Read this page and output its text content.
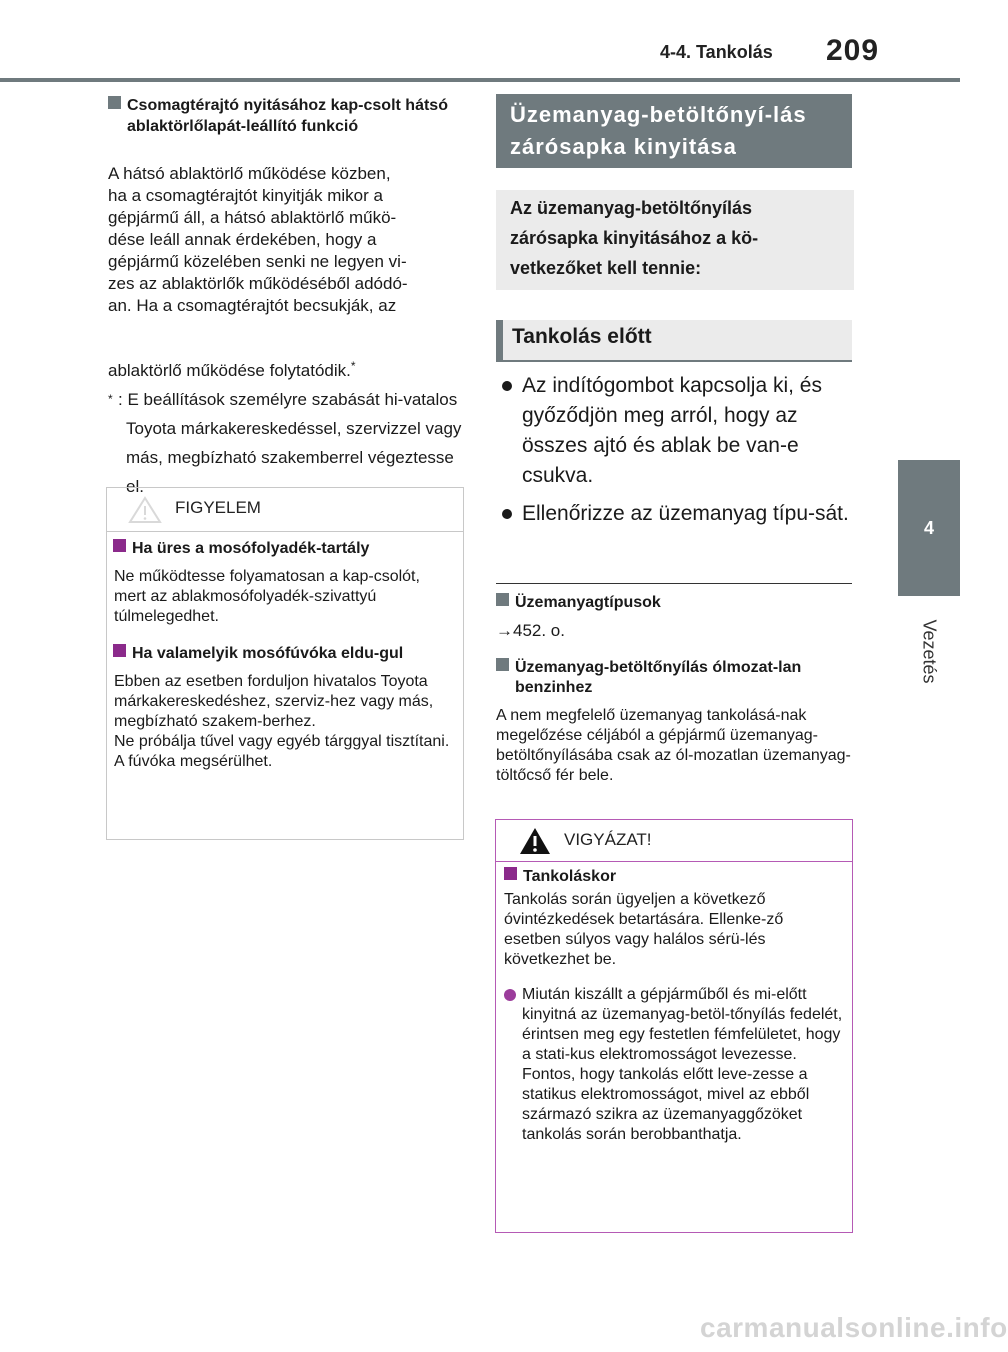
4-4. Tankolás 209
4
Vezetés
Csomagtérajtó nyitásához kap-csolt hátsó ablaktörlőlapát-leállító funkció
A hátsó ablaktörlő működése közben,
ha a csomagtérajtót kinyitják mikor a
gépjármű áll, a hátsó ablaktörlő műkö-
dése leáll annak érdekében, hogy a
gépjármű közelében senki ne legyen vi-
zes az ablaktörlők működéséből adódó-
an. Ha a csomagtérajtót becsukják, az
ablaktörlő működése folytatódik.*
* : E beállítások személyre szabását hi-vatalos Toyota márkakereskedéssel, szervizzel vagy más, megbízható szakemberrel végeztesse el.
FIGYELEM
Ha üres a mosófolyadék-tartály
Ne működtesse folyamatosan a kap-csolót, mert az ablakmosófolyadék-szivattyú túlmelegedhet.
Ha valamelyik mosófúvóka eldu-gul
Ebben az esetben forduljon hivatalos Toyota márkakereskedéshez, szerviz-hez vagy más, megbízható szakem-berhez.
Ne próbálja tűvel vagy egyéb tárggyal tisztítani. A fúvóka megsérülhet.
Üzemanyag-betöltőnyí-lás zárósapka kinyitása
Az üzemanyag-betöltőnyílás zárósapka kinyitásához a kö-vetkezőket kell tennie:
Tankolás előtt
Az indítógombot kapcsolja ki, és győződjön meg arról, hogy az összes ajtó és ablak be van-e csukva.
Ellenőrizze az üzemanyag típu-sát.
Üzemanyagtípusok
→452. o.
Üzemanyag-betöltőnyílás ólmozat-lan benzinhez
A nem megfelelő üzemanyag tankolásá-nak megelőzése céljából a gépjármű üzemanyag-betöltőnyílásába csak az ól-mozatlan üzemanyag-töltőcső fér bele.
VIGYÁZAT!
Tankoláskor
Tankolás során ügyeljen a következő óvintézkedések betartására. Ellenke-ző esetben súlyos vagy halálos sérü-lés következhet be.
Miután kiszállt a gépjárműből és mi-előtt kinyitná az üzemanyag-betöl-tőnyílás fedelét, érintsen meg egy festetlen fémfelületet, hogy a stati-kus elektromosságot levezesse. Fontos, hogy tankolás előtt leve-zesse a statikus elektromosságot, mivel az ebből származó szikra az üzemanyaggőzöket tankolás során berobbanthatja.
carmanualsonline.info
